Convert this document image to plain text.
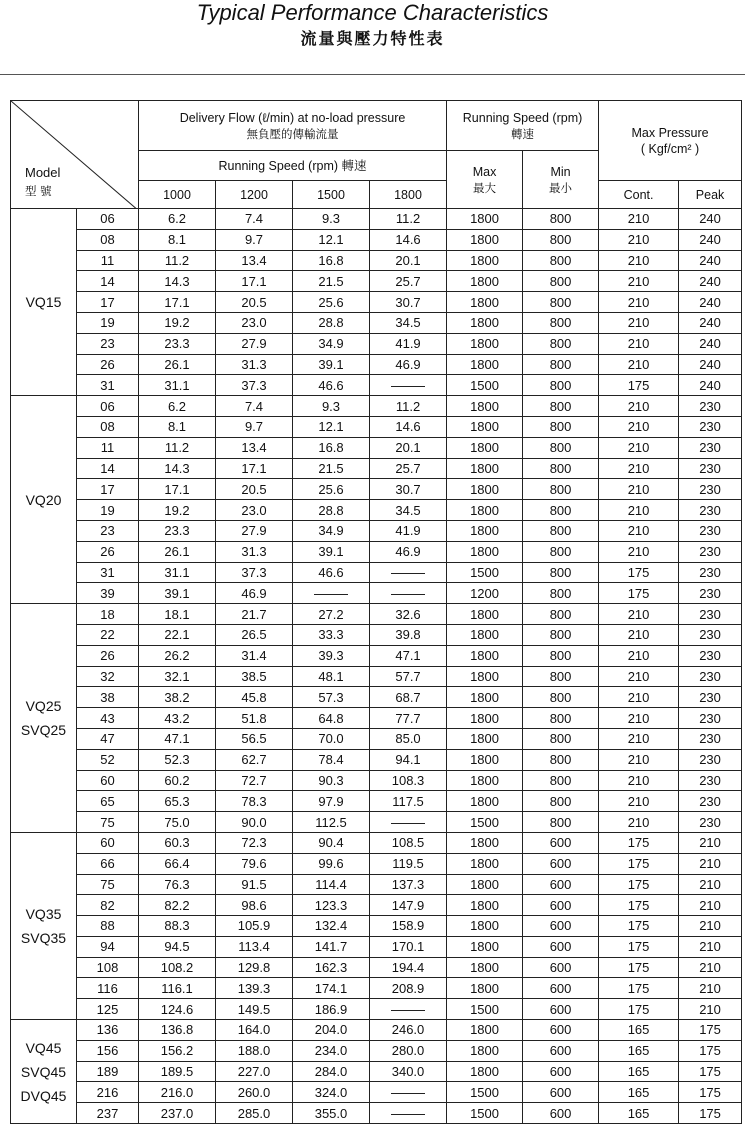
Typical Performance Characteristics
流量與壓力特性表
Model
型 號		Delivery Flow (ℓ/min) at no-load pressure
無負壓的傳輸流量				Running Speed (rpm)
轉速		Max Pressure
( Kgf/cm² )	

		Running Speed (rpm) 轉速				Max
最大	Min
最小		

		1000	1200	1500	1800			Cont.	Peak

VQ15	06	6.2	7.4	9.3	11.2	1800	800	210	240
	08	8.1	9.7	12.1	14.6	1800	800	210	240
	11	11.2	13.4	16.8	20.1	1800	800	210	240
	14	14.3	17.1	21.5	25.7	1800	800	210	240
	17	17.1	20.5	25.6	30.7	1800	800	210	240
	19	19.2	23.0	28.8	34.5	1800	800	210	240
	23	23.3	27.9	34.9	41.9	1800	800	210	240
	26	26.1	31.3	39.1	46.9	1800	800	210	240
	31	31.1	37.3	46.6		1500	800	175	240

VQ20	06	6.2	7.4	9.3	11.2	1800	800	210	230
	08	8.1	9.7	12.1	14.6	1800	800	210	230
	11	11.2	13.4	16.8	20.1	1800	800	210	230
	14	14.3	17.1	21.5	25.7	1800	800	210	230
	17	17.1	20.5	25.6	30.7	1800	800	210	230
	19	19.2	23.0	28.8	34.5	1800	800	210	230
	23	23.3	27.9	34.9	41.9	1800	800	210	230
	26	26.1	31.3	39.1	46.9	1800	800	210	230
	31	31.1	37.3	46.6		1500	800	175	230
	39	39.1	46.9			1200	800	175	230

VQ25
SVQ25	18	18.1	21.7	27.2	32.6	1800	800	210	230
	22	22.1	26.5	33.3	39.8	1800	800	210	230
	26	26.2	31.4	39.3	47.1	1800	800	210	230
	32	32.1	38.5	48.1	57.7	1800	800	210	230
	38	38.2	45.8	57.3	68.7	1800	800	210	230
	43	43.2	51.8	64.8	77.7	1800	800	210	230
	47	47.1	56.5	70.0	85.0	1800	800	210	230
	52	52.3	62.7	78.4	94.1	1800	800	210	230
	60	60.2	72.7	90.3	108.3	1800	800	210	230
	65	65.3	78.3	97.9	117.5	1800	800	210	230
	75	75.0	90.0	112.5		1500	800	210	230

VQ35
SVQ35	60	60.3	72.3	90.4	108.5	1800	600	175	210
	66	66.4	79.6	99.6	119.5	1800	600	175	210
	75	76.3	91.5	114.4	137.3	1800	600	175	210
	82	82.2	98.6	123.3	147.9	1800	600	175	210
	88	88.3	105.9	132.4	158.9	1800	600	175	210
	94	94.5	113.4	141.7	170.1	1800	600	175	210
	108	108.2	129.8	162.3	194.4	1800	600	175	210
	116	116.1	139.3	174.1	208.9	1800	600	175	210
	125	124.6	149.5	186.9		1500	600	175	210

VQ45
SVQ45
DVQ45	136	136.8	164.0	204.0	246.0	1800	600	165	175
	156	156.2	188.0	234.0	280.0	1800	600	165	175
	189	189.5	227.0	284.0	340.0	1800	600	165	175
	216	216.0	260.0	324.0		1500	600	165	175
	237	237.0	285.0	355.0		1500	600	165	175
